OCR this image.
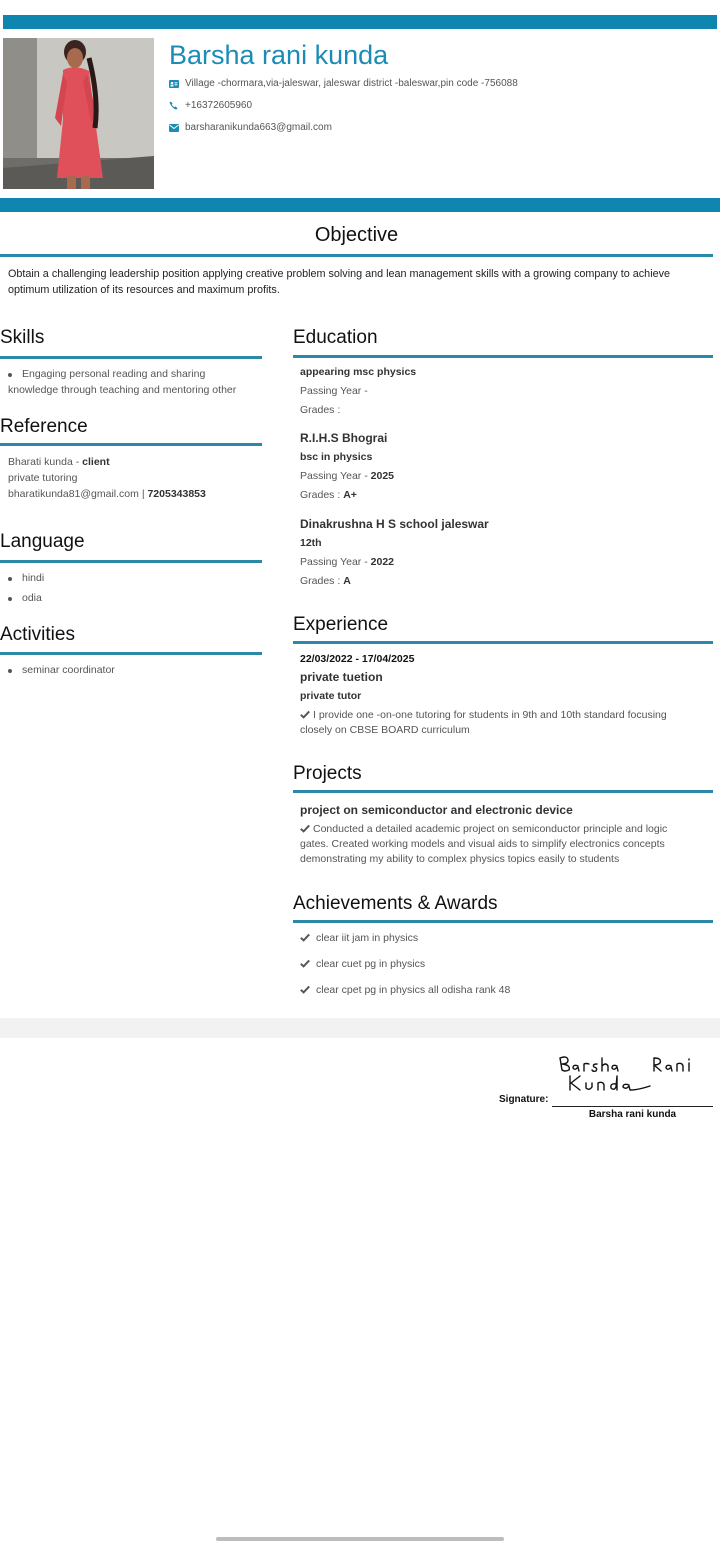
Barsha rani kunda
Village -chormara,via-jaleswar, jaleswar district -baleswar,pin code -756088
+16372605960
barsharanikunda663@gmail.com
Objective
Obtain a challenging leadership position applying creative problem solving and lean management skills with a growing company to achieve
optimum utilization of its resources and maximum profits.
Skills
Engaging personal reading and sharing
knowledge through teaching and mentoring other
Reference
Bharati kunda - client
private tutoring
bharatikunda81@gmail.com | 7205343853
Language
hindi
odia
Activities
seminar coordinator
Education
appearing msc physics
Passing Year -
Grades :
R.I.H.S Bhograi
bsc in physics
Passing Year - 2025
Grades : A+
Dinakrushna H S school jaleswar
12th
Passing Year - 2022
Grades : A
Experience
22/03/2022 - 17/04/2025
private tuetion
private tutor
I provide one -on-one tutoring for students in 9th and 10th standard focusing
closely on CBSE BOARD curriculum
Projects
project on semiconductor and electronic device
Conducted a detailed academic project on semiconductor principle and logic
gates. Created working models and visual aids to simplify electronics concepts
demonstrating my ability to complex physics topics easily to students
Achievements & Awards
clear iit jam in physics
clear cuet pg in physics
clear cpet pg in physics all odisha rank 48
Signature:
Barsha rani kunda
